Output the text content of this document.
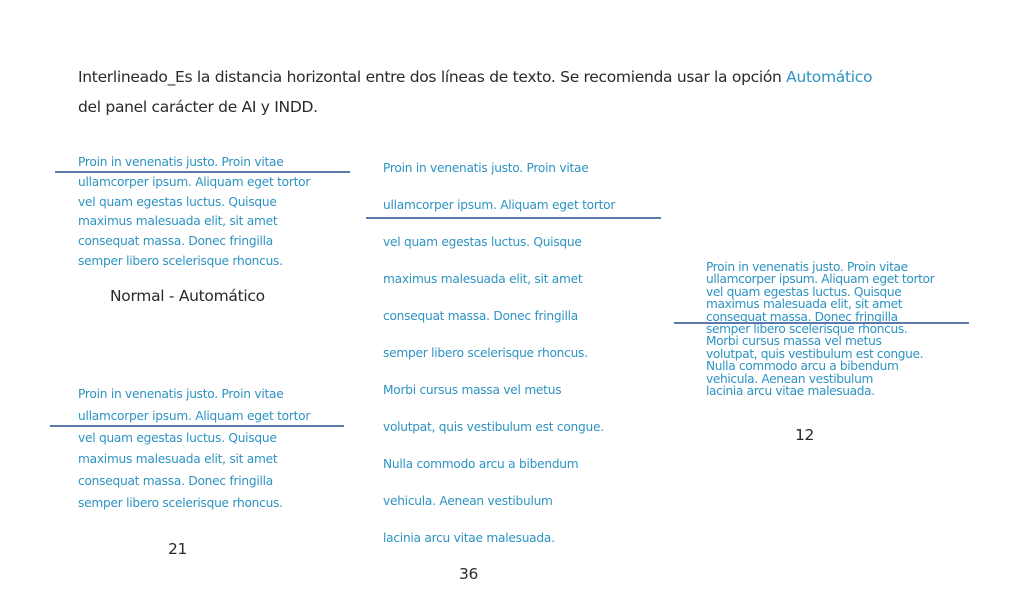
Interlineado_Es la distancia horizontal entre dos líneas de texto. Se recomienda usar la opción Automático
del panel carácter de AI y INDD.
Proin in venenatis justo. Proin vitae
ullamcorper ipsum. Aliquam eget tortor
vel quam egestas luctus. Quisque
maximus malesuada elit, sit amet
consequat massa. Donec fringilla
semper libero scelerisque rhoncus.
Normal - Automático
Proin in venenatis justo. Proin vitae
ullamcorper ipsum. Aliquam eget tortor
vel quam egestas luctus. Quisque
maximus malesuada elit, sit amet
consequat massa. Donec fringilla
semper libero scelerisque rhoncus.
21
Proin in venenatis justo. Proin vitae
ullamcorper ipsum. Aliquam eget tortor
vel quam egestas luctus. Quisque
maximus malesuada elit, sit amet
consequat massa. Donec fringilla
semper libero scelerisque rhoncus.
Morbi cursus massa vel metus
volutpat, quis vestibulum est congue.
Nulla commodo arcu a bibendum
vehicula. Aenean vestibulum
lacinia arcu vitae malesuada.
36
Proin in venenatis justo. Proin vitae
ullamcorper ipsum. Aliquam eget tortor
vel quam egestas luctus. Quisque
maximus malesuada elit, sit amet
consequat massa. Donec fringilla
semper libero scelerisque rhoncus.
Morbi cursus massa vel metus
volutpat, quis vestibulum est congue.
Nulla commodo arcu a bibendum
vehicula. Aenean vestibulum
lacinia arcu vitae malesuada.
12
